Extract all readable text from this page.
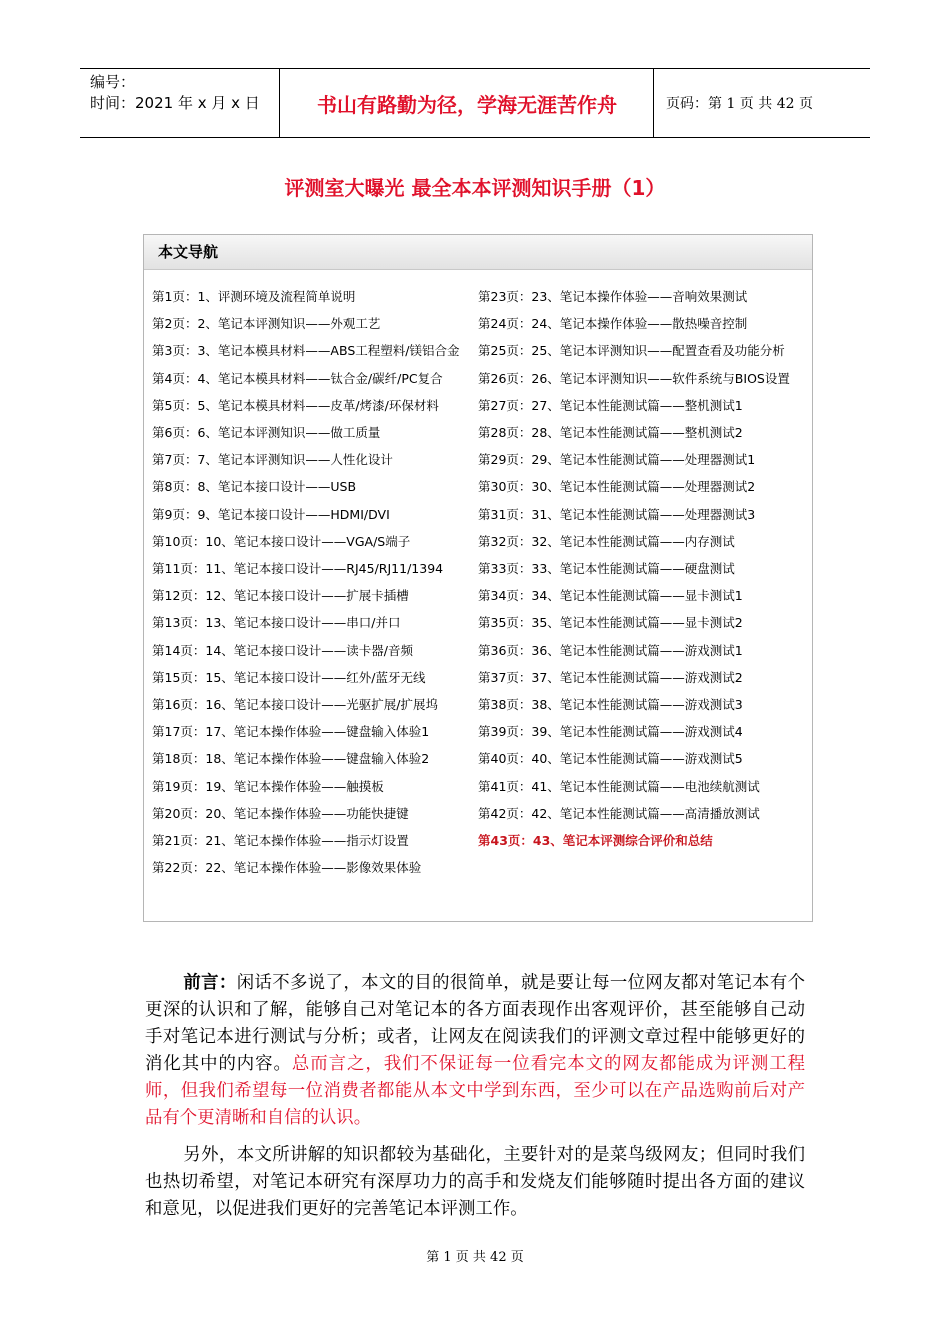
编号：
时间：2021 年 x 月 x 日	书山有路勤为径，学海无涯苦作舟	页码：第 1 页 共 42 页
评测室大曝光 最全本本评测知识手册（1）
本文导航
第1页：1、评测环境及流程简单说明
第2页：2、笔记本评测知识——外观工艺
第3页：3、笔记本模具材料——ABS工程塑料/镁铝合金
第4页：4、笔记本模具材料——钛合金/碳纤/PC复合
第5页：5、笔记本模具材料——皮革/烤漆/环保材料
第6页：6、笔记本评测知识——做工质量
第7页：7、笔记本评测知识——人性化设计
第8页：8、笔记本接口设计——USB
第9页：9、笔记本接口设计——HDMI/DVI
第10页：10、笔记本接口设计——VGA/S端子
第11页：11、笔记本接口设计——RJ45/RJ11/1394
第12页：12、笔记本接口设计——扩展卡插槽
第13页：13、笔记本接口设计——串口/并口
第14页：14、笔记本接口设计——读卡器/音频
第15页：15、笔记本接口设计——红外/蓝牙无线
第16页：16、笔记本接口设计——光驱扩展/扩展坞
第17页：17、笔记本操作体验——键盘输入体验1
第18页：18、笔记本操作体验——键盘输入体验2
第19页：19、笔记本操作体验——触摸板
第20页：20、笔记本操作体验——功能快捷键
第21页：21、笔记本操作体验——指示灯设置
第22页：22、笔记本操作体验——影像效果体验
第23页：23、笔记本操作体验——音响效果测试
第24页：24、笔记本操作体验——散热噪音控制
第25页：25、笔记本评测知识——配置查看及功能分析
第26页：26、笔记本评测知识——软件系统与BIOS设置
第27页：27、笔记本性能测试篇——整机测试1
第28页：28、笔记本性能测试篇——整机测试2
第29页：29、笔记本性能测试篇——处理器测试1
第30页：30、笔记本性能测试篇——处理器测试2
第31页：31、笔记本性能测试篇——处理器测试3
第32页：32、笔记本性能测试篇——内存测试
第33页：33、笔记本性能测试篇——硬盘测试
第34页：34、笔记本性能测试篇——显卡测试1
第35页：35、笔记本性能测试篇——显卡测试2
第36页：36、笔记本性能测试篇——游戏测试1
第37页：37、笔记本性能测试篇——游戏测试2
第38页：38、笔记本性能测试篇——游戏测试3
第39页：39、笔记本性能测试篇——游戏测试4
第40页：40、笔记本性能测试篇——游戏测试5
第41页：41、笔记本性能测试篇——电池续航测试
第42页：42、笔记本性能测试篇——高清播放测试
第43页：43、笔记本评测综合评价和总结
前言：闲话不多说了，本文的目的很简单，就是要让每一位网友都对笔记本有个更深的认识和了解，能够自己对笔记本的各方面表现作出客观评价，甚至能够自己动手对笔记本进行测试与分析；或者，让网友在阅读我们的评测文章过程中能够更好的消化其中的内容。总而言之，我们不保证每一位看完本文的网友都能成为评测工程师，但我们希望每一位消费者都能从本文中学到东西，至少可以在产品选购前后对产品有个更清晰和自信的认识。
另外，本文所讲解的知识都较为基础化，主要针对的是菜鸟级网友；但同时我们也热切希望，对笔记本研究有深厚功力的高手和发烧友们能够随时提出各方面的建议和意见，以促进我们更好的完善笔记本评测工作。
第 1 页 共 42 页
